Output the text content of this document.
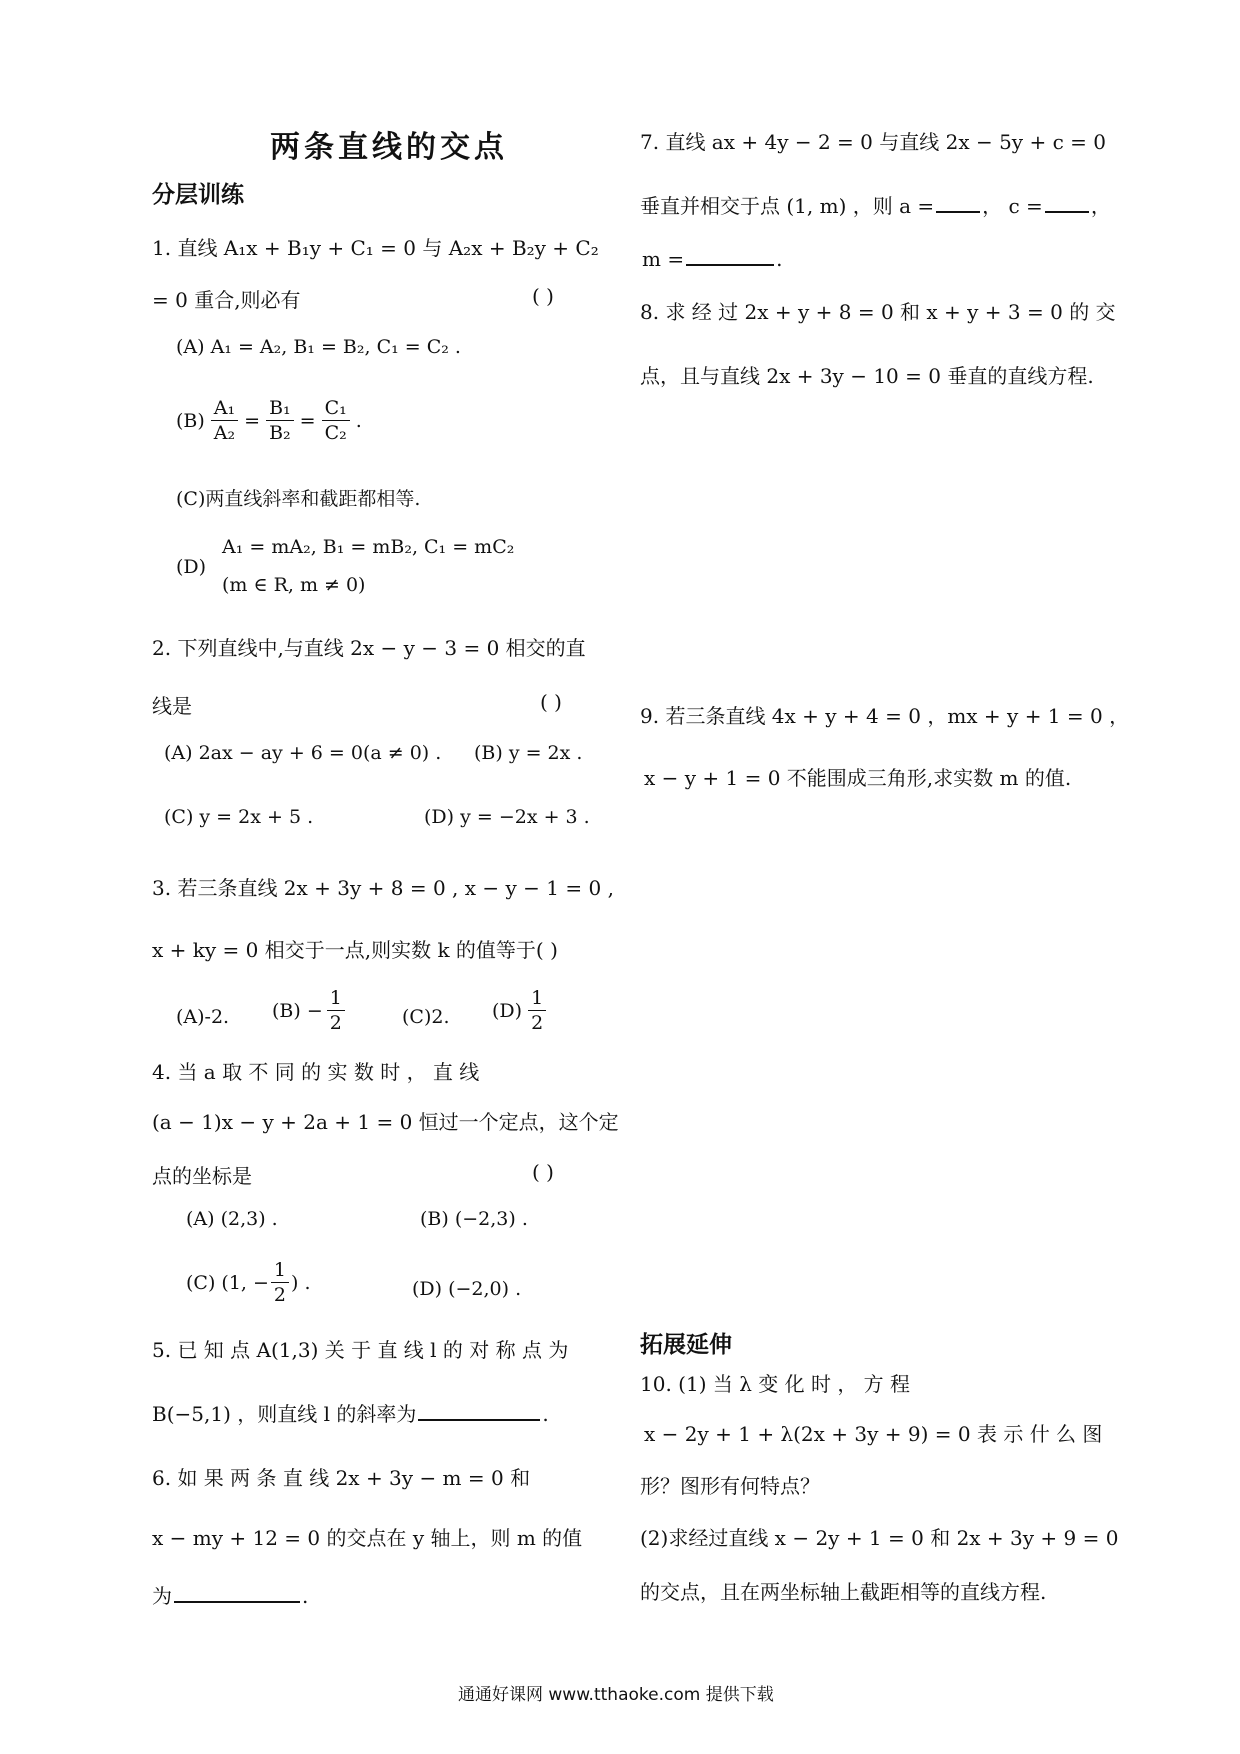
两条直线的交点
分层训练
1. 直线 A₁x + B₁y + C₁ = 0 与 A₂x + B₂y + C₂
= 0 重合,则必有	( )
(A) A₁ = A₂, B₁ = B₂, C₁ = C₂ .
$(B) \frac{\text{A₁}}{\text{A₂}} = \frac{\text{B₁}}{\text{B₂}} = \frac{\text{C₁}}{\text{C₂}}$ .
(C)两直线斜率和截距都相等.
(D)
A₁ = mA₂, B₁ = mB₂, C₁ = mC₂
(m ∈ R, m ≠ 0)
2. 下列直线中,与直线 2x − y − 3 = 0 相交的直
线是	( )
(A) 2ax − ay + 6 = 0(a ≠ 0) . (B) y = 2x .
(C) y = 2x + 5 .	(D) y = −2x + 3 .
3. 若三条直线 2x + 3y + 8 = 0 , x − y − 1 = 0 ,
x + ky = 0 相交于一点,则实数 k 的值等于( )
(A)-2. $(B) - \frac{1}{2}$	(C)2. $(D) \frac{1}{2}$
4. 当 a 取 不 同 的 实 数 时 ， 直 线
(a − 1)x − y + 2a + 1 = 0 恒过一个定点，这个定
点的坐标是	( )
(A) (2,3) .	(B) (−2,3) .
(C) (1, − $\frac{1}{2}$ ) .	(D) (−2,0) .
5. 已 知 点 A(1,3) 关 于 直 线 l 的 对 称 点 为
B(−5,1) ，则直线 l 的斜率为	.
6. 如 果 两 条 直 线 2x + 3y − m = 0 和
x − my + 12 = 0 的交点在 y 轴上，则 m 的值
为	.
7. 直线 ax + 4y − 2 = 0 与直线 2x − 5y + c = 0
垂直并相交于点 (1, m) ，则 a = ， c = ，
m =	.
8. 求 经 过 2x + y + 8 = 0 和 x + y + 3 = 0 的 交
点，且与直线 2x + 3y − 10 = 0 垂直的直线方程.
9. 若三条直线 4x + y + 4 = 0 ，mx + y + 1 = 0 ，
x − y + 1 = 0 不能围成三角形,求实数 m 的值.
拓展延伸
10. (1) 当 λ 变 化 时 ， 方 程
x − 2y + 1 + λ(2x + 3y + 9) = 0 表 示 什 么 图
形？图形有何特点？
(2)求经过直线 x − 2y + 1 = 0 和 2x + 3y + 9 = 0
的交点，且在两坐标轴上截距相等的直线方程.
通通好课网 www.tthaoke.com 提供下载
